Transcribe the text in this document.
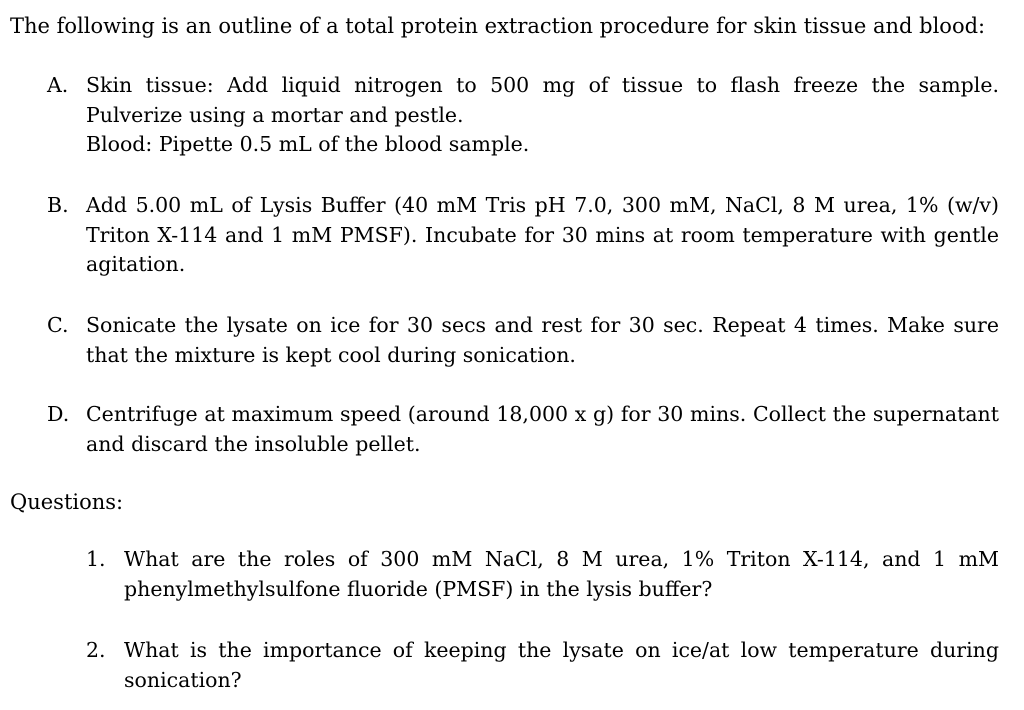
The following is an outline of a total protein extraction procedure for skin tissue and blood:
A. Skin tissue: Add liquid nitrogen to 500 mg of tissue to flash freeze the sample. Pulverize using a mortar and pestle.
Blood: Pipette 0.5 mL of the blood sample.
B. Add 5.00 mL of Lysis Buffer (40 mM Tris pH 7.0, 300 mM, NaCl, 8 M urea, 1% (w/v) Triton X-114 and 1 mM PMSF). Incubate for 30 mins at room temperature with gentle agitation.
C. Sonicate the lysate on ice for 30 secs and rest for 30 sec. Repeat 4 times. Make sure that the mixture is kept cool during sonication.
D. Centrifuge at maximum speed (around 18,000 x g) for 30 mins. Collect the supernatant and discard the insoluble pellet.
Questions:
1. What are the roles of 300 mM NaCl, 8 M urea, 1% Triton X-114, and 1 mM phenylmethylsulfone fluoride (PMSF) in the lysis buffer?
2. What is the importance of keeping the lysate on ice/at low temperature during sonication?
